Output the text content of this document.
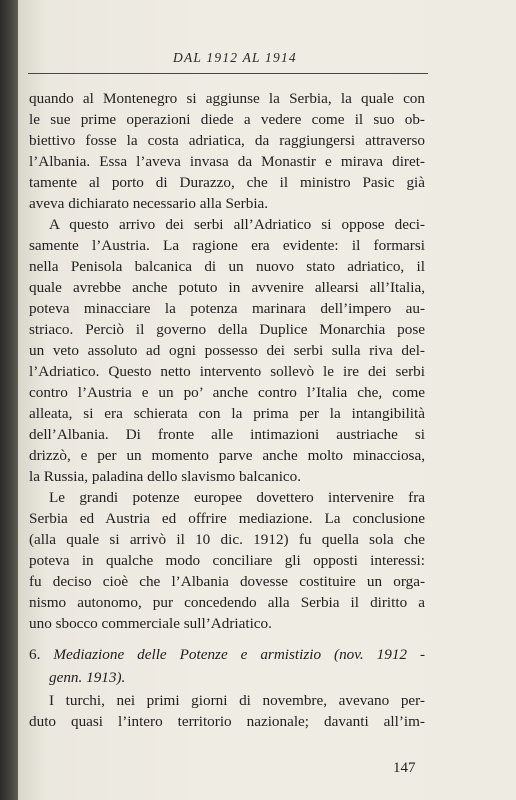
DAL 1912 AL 1914
quando al Montenegro si aggiunse la Serbia, la quale con
le sue prime operazioni diede a vedere come il suo ob-
biettivo fosse la costa adriatica, da raggiungersi attraverso
l’Albania. Essa l’aveva invasa da Monastir e mirava diret-
tamente al porto di Durazzo, che il ministro Pasic già
aveva dichiarato necessario alla Serbia.
A questo arrivo dei serbi all’Adriatico si oppose deci-
samente l’Austria. La ragione era evidente: il formarsi
nella Penisola balcanica di un nuovo stato adriatico, il
quale avrebbe anche potuto in avvenire allearsi all’Italia,
poteva minacciare la potenza marinara dell’impero au-
striaco. Perciò il governo della Duplice Monarchia pose
un veto assoluto ad ogni possesso dei serbi sulla riva del-
l’Adriatico. Questo netto intervento sollevò le ire dei serbi
contro l’Austria e un po’ anche contro l’Italia che, come
alleata, si era schierata con la prima per la intangibilità
dell’Albania. Di fronte alle intimazioni austriache si
drizzò, e per un momento parve anche molto minacciosa,
la Russia, paladina dello slavismo balcanico.
Le grandi potenze europee dovettero intervenire fra
Serbia ed Austria ed offrire mediazione. La conclusione
(alla quale si arrivò il 10 dic. 1912) fu quella sola che
poteva in qualche modo conciliare gli opposti interessi:
fu deciso cioè che l’Albania dovesse costituire un orga-
nismo autonomo, pur concedendo alla Serbia il diritto a
uno sbocco commerciale sull’Adriatico.
6. Mediazione delle Potenze e armistizio (nov. 1912 -
genn. 1913).
I turchi, nei primi giorni di novembre, avevano per-
duto quasi l’intero territorio nazionale; davanti all’im-
147
